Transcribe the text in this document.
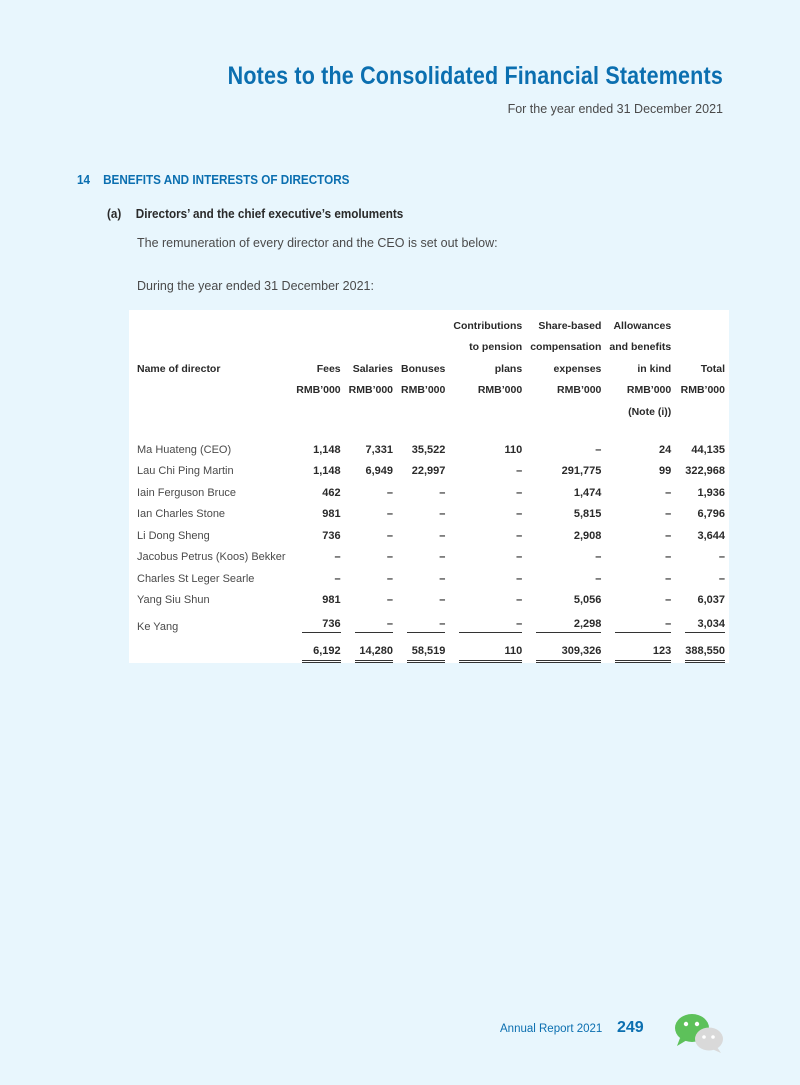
Notes to the Consolidated Financial Statements
For the year ended 31 December 2021
14 BENEFITS AND INTERESTS OF DIRECTORS
(a) Directors’ and the chief executive’s emoluments
The remuneration of every director and the CEO is set out below:
During the year ended 31 December 2021:
				Contributions	Share-based	Allowances	
				to pension	compensation	and benefits	
Name of director	Fees	Salaries	Bonuses	plans	expenses	in kind	Total
	RMB’000	RMB’000	RMB’000	RMB’000	RMB’000	RMB’000	RMB’000
						(Note (i))	

Ma Huateng (CEO)	1,148	7,331	35,522	110	–	24	44,135
Lau Chi Ping Martin	1,148	6,949	22,997	–	291,775	99	322,968
Iain Ferguson Bruce	462	–	–	–	1,474	–	1,936
Ian Charles Stone	981	–	–	–	5,815	–	6,796
Li Dong Sheng	736	–	–	–	2,908	–	3,644
Jacobus Petrus (Koos) Bekker	–	–	–	–	–	–	–
Charles St Leger Searle	–	–	–	–	–	–	–
Yang Siu Shun	981	–	–	–	5,056	–	6,037
Ke Yang	736	–	–	–	2,298	–	3,034

	6,192	14,280	58,519	110	309,326	123	388,550
Annual Report 2021 249
